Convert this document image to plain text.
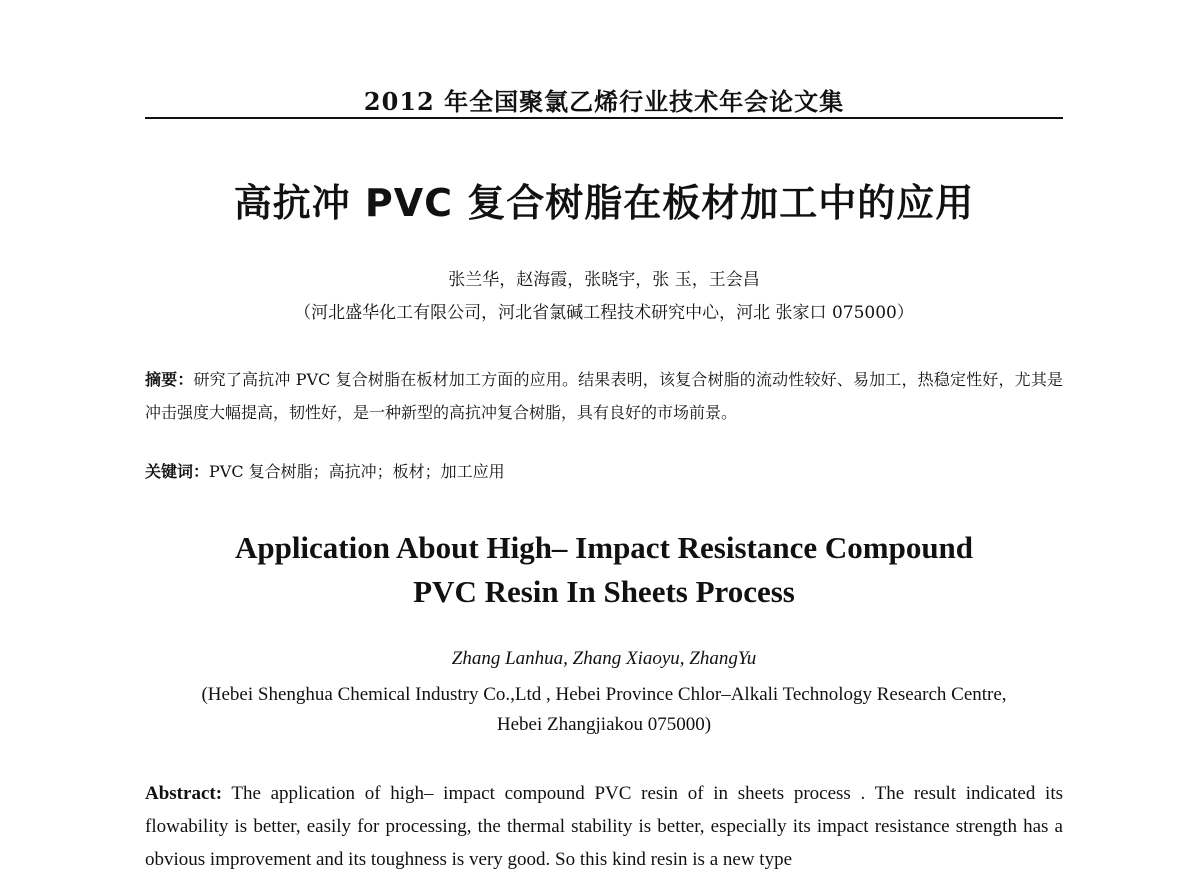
2012 年全国聚氯乙烯行业技术年会论文集
高抗冲 PVC 复合树脂在板材加工中的应用
张兰华，赵海霞，张晓宇，张 玉，王会昌
（河北盛华化工有限公司，河北省氯碱工程技术研究中心，河北 张家口 075000）

摘要：研究了高抗冲 PVC 复合树脂在板材加工方面的应用。结果表明，该复合树脂的流动性较好、易加工，热稳定性好，尤其是冲击强度大幅提高，韧性好，是一种新型的高抗冲复合树脂，具有良好的市场前景。

关键词：PVC 复合树脂；高抗冲；板材；加工应用

Application About High– Impact Resistance Compound
PVC Resin In Sheets Process
Zhang Lanhua, Zhang Xiaoyu, ZhangYu
(Hebei Shenghua Chemical Industry Co.,Ltd , Hebei Province Chlor–Alkali Technology Research Centre,
Hebei Zhangjiakou 075000)

Abstract: The application of high– impact compound PVC resin of in sheets process . The result indicated its flowability is better, easily for processing, the thermal stability is better, especially its impact resistance strength has a obvious improvement and its toughness is very good. So this kind resin is a new type
